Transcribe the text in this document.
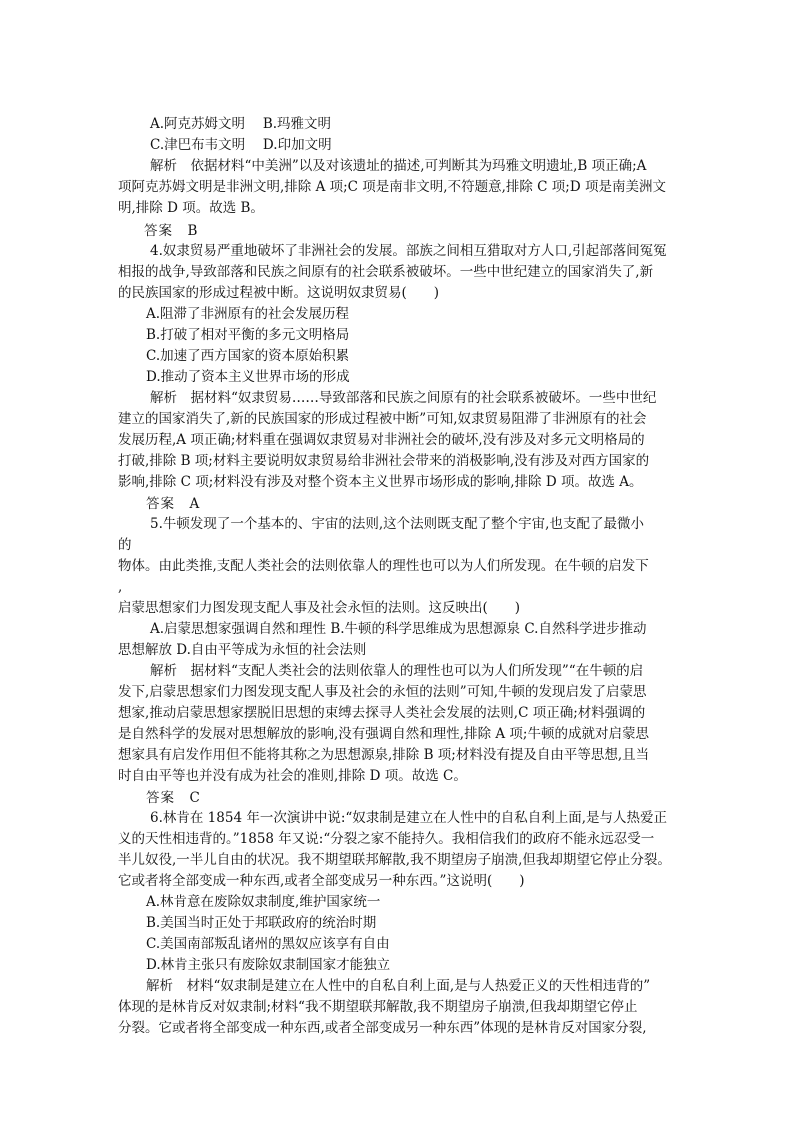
A.阿克苏姆文明　 B.玛雅文明
C.津巴布韦文明　 D.印加文明
解析　依据材料“中美洲”以及对该遗址的描述,可判断其为玛雅文明遗址,B 项正确;A
项阿克苏姆文明是非洲文明,排除 A 项;C 项是南非文明,不符题意,排除 C 项;D 项是南美洲文
明,排除 D 项。故选 B。
答案　B
4.奴隶贸易严重地破坏了非洲社会的发展。部族之间相互猎取对方人口,引起部落间冤冤
相报的战争,导致部落和民族之间原有的社会联系被破坏。一些中世纪建立的国家消失了,新
的民族国家的形成过程被中断。这说明奴隶贸易(　　)
A.阻滞了非洲原有的社会发展历程
B.打破了相对平衡的多元文明格局
C.加速了西方国家的资本原始积累
D.推动了资本主义世界市场的形成
解析　据材料“奴隶贸易……导致部落和民族之间原有的社会联系被破坏。一些中世纪
建立的国家消失了,新的民族国家的形成过程被中断”可知,奴隶贸易阻滞了非洲原有的社会
发展历程,A 项正确;材料重在强调奴隶贸易对非洲社会的破坏,没有涉及对多元文明格局的
打破,排除 B 项;材料主要说明奴隶贸易给非洲社会带来的消极影响,没有涉及对西方国家的
影响,排除 C 项;材料没有涉及对整个资本主义世界市场形成的影响,排除 D 项。故选 A。
答案　A
5.牛顿发现了一个基本的、宇宙的法则,这个法则既支配了整个宇宙,也支配了最微小
的
物体。由此类推,支配人类社会的法则依靠人的理性也可以为人们所发现。在牛顿的启发下
,
启蒙思想家们力图发现支配人事及社会永恒的法则。这反映出(　　)
A.启蒙思想家强调自然和理性 B.牛顿的科学思维成为思想源泉 C.自然科学进步推动
思想解放 D.自由平等成为永恒的社会法则
解析　据材料“支配人类社会的法则依靠人的理性也可以为人们所发现”“在牛顿的启
发下,启蒙思想家们力图发现支配人事及社会的永恒的法则”可知,牛顿的发现启发了启蒙思
想家,推动启蒙思想家摆脱旧思想的束缚去探寻人类社会发展的法则,C 项正确;材料强调的
是自然科学的发展对思想解放的影响,没有强调自然和理性,排除 A 项;牛顿的成就对启蒙思
想家具有启发作用但不能将其称之为思想源泉,排除 B 项;材料没有提及自由平等思想,且当
时自由平等也并没有成为社会的准则,排除 D 项。故选 C。
答案　C
6.林肯在 1854 年一次演讲中说:“奴隶制是建立在人性中的自私自利上面,是与人热爱正
义的天性相违背的。”1858 年又说:“分裂之家不能持久。我相信我们的政府不能永远忍受一
半儿奴役,一半儿自由的状况。我不期望联邦解散,我不期望房子崩溃,但我却期望它停止分裂。
它或者将全部变成一种东西,或者全部变成另一种东西。”这说明(　　)
A.林肯意在废除奴隶制度,维护国家统一
B.美国当时正处于邦联政府的统治时期
C.美国南部叛乱诸州的黑奴应该享有自由
D.林肯主张只有废除奴隶制国家才能独立
解析　材料“奴隶制是建立在人性中的自私自利上面,是与人热爱正义的天性相违背的”
体现的是林肯反对奴隶制;材料“我不期望联邦解散,我不期望房子崩溃,但我却期望它停止
分裂。它或者将全部变成一种东西,或者全部变成另一种东西”体现的是林肯反对国家分裂,
